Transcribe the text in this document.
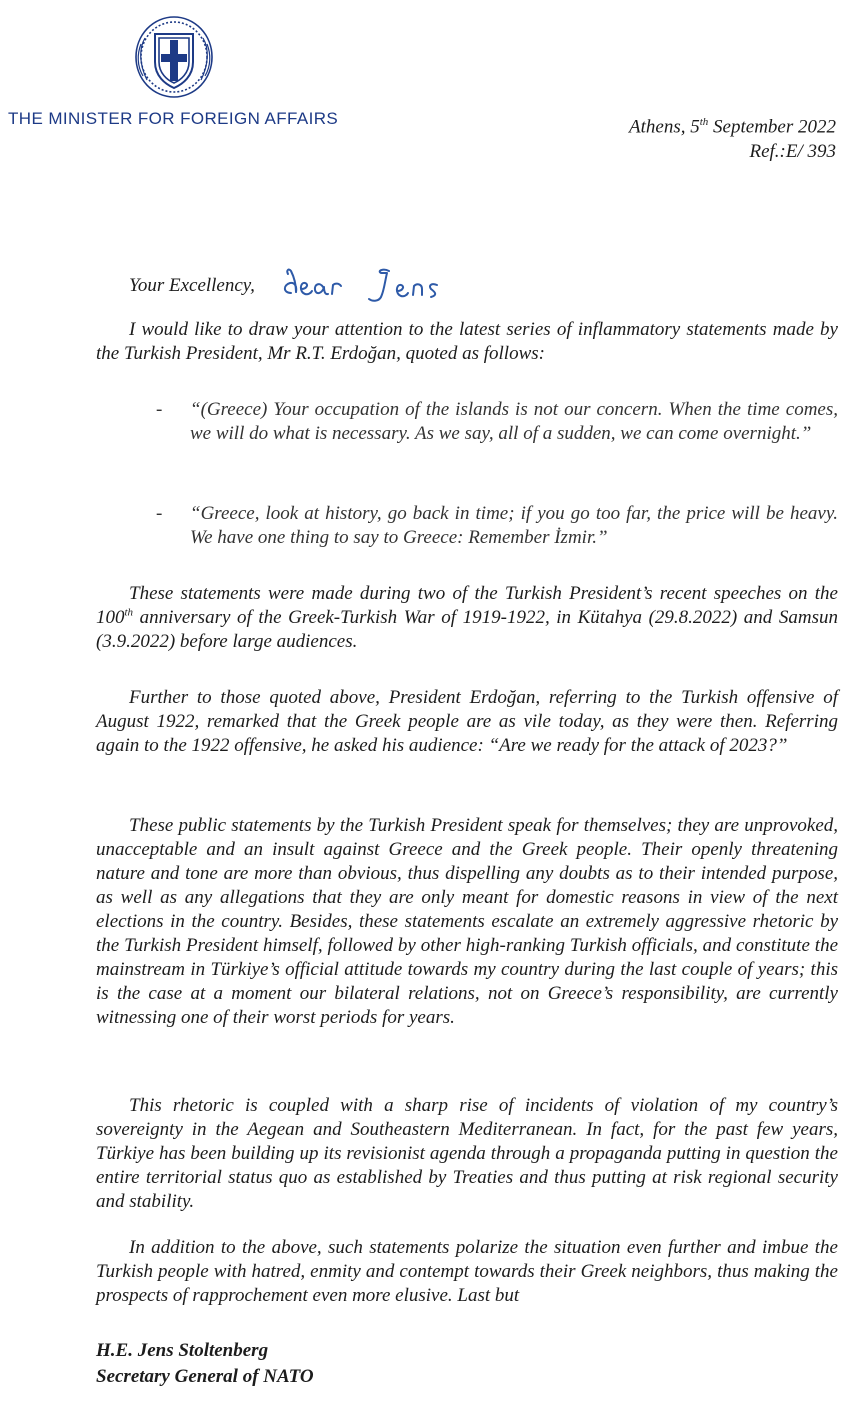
THE MINISTER FOR FOREIGN AFFAIRS	Athens, 5th September 2022
Ref.:E/ 393
Your Excellency,

I would like to draw your attention to the latest series of inflammatory statements made by the Turkish President, Mr R.T. Erdoğan, quoted as follows:

- “(Greece) Your occupation of the islands is not our concern. When the time comes, we will do what is necessary. As we say, all of a sudden, we can come overnight.”
- “Greece, look at history, go back in time; if you go too far, the price will be heavy. We have one thing to say to Greece: Remember İzmir.”

These statements were made during two of the Turkish President’s recent speeches on the 100th anniversary of the Greek-Turkish War of 1919-1922, in Kütahya (29.8.2022) and Samsun (3.9.2022) before large audiences.

Further to those quoted above, President Erdoğan, referring to the Turkish offensive of August 1922, remarked that the Greek people are as vile today, as they were then. Referring again to the 1922 offensive, he asked his audience: “Are we ready for the attack of 2023?”

These public statements by the Turkish President speak for themselves; they are unprovoked, unacceptable and an insult against Greece and the Greek people. Their openly threatening nature and tone are more than obvious, thus dispelling any doubts as to their intended purpose, as well as any allegations that they are only meant for domestic reasons in view of the next elections in the country. Besides, these statements escalate an extremely aggressive rhetoric by the Turkish President himself, followed by other high-ranking Turkish officials, and constitute the mainstream in Türkiye’s official attitude towards my country during the last couple of years; this is the case at a moment our bilateral relations, not on Greece’s responsibility, are currently witnessing one of their worst periods for years.

This rhetoric is coupled with a sharp rise of incidents of violation of my country’s sovereignty in the Aegean and Southeastern Mediterranean. In fact, for the past few years, Türkiye has been building up its revisionist agenda through a propaganda putting in question the entire territorial status quo as established by Treaties and thus putting at risk regional security and stability.

In addition to the above, such statements polarize the situation even further and imbue the Turkish people with hatred, enmity and contempt towards their Greek neighbors, thus making the prospects of rapprochement even more elusive. Last but

H.E. Jens Stoltenberg
Secretary General of NATO
